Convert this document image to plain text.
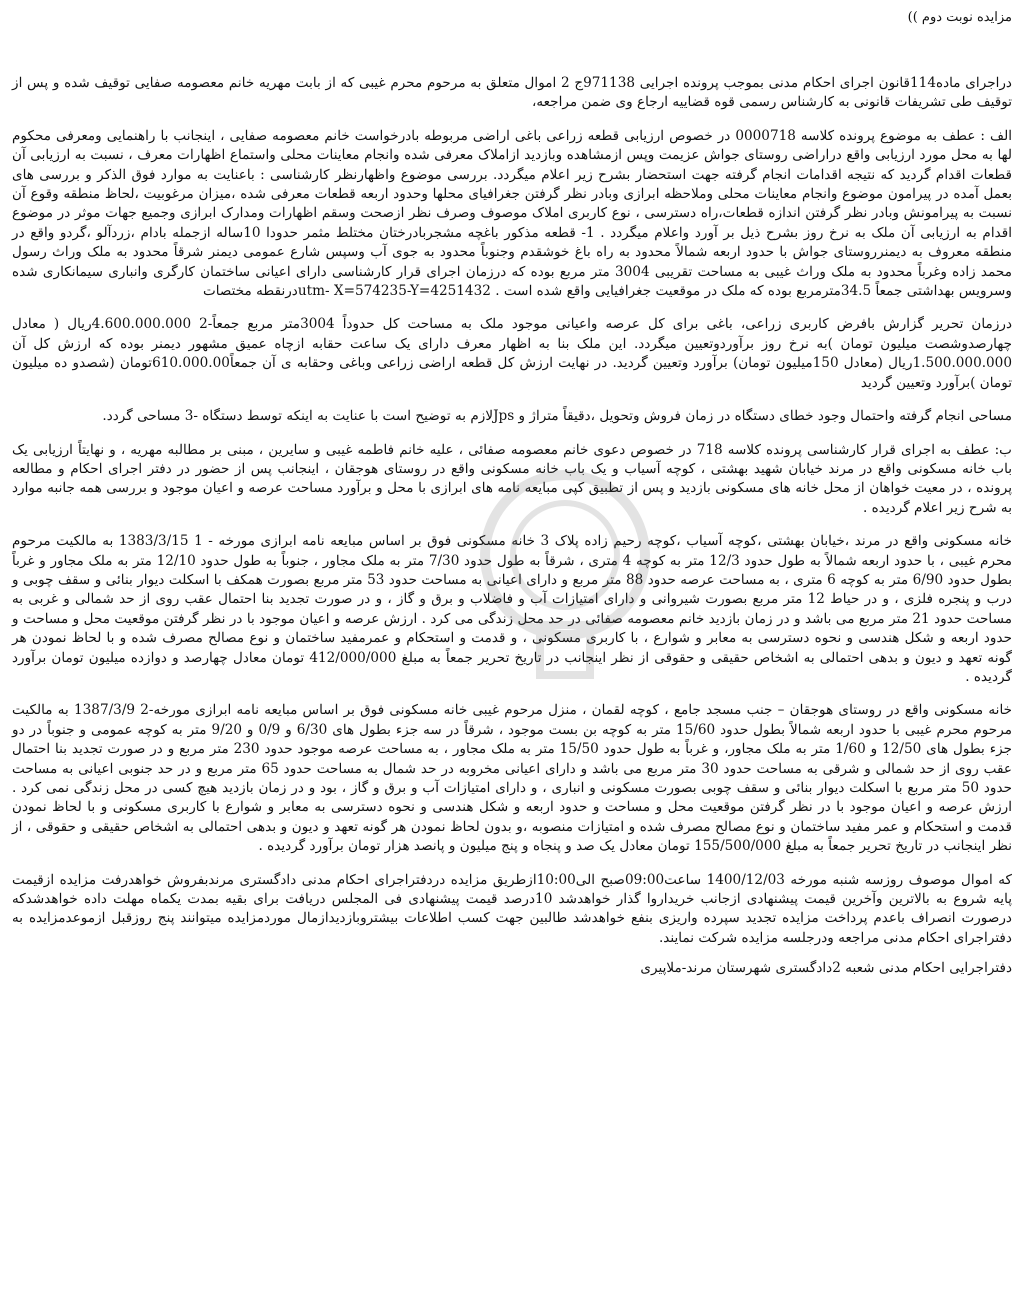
مزایده نوبت دوم ))

دراجرای ماده114قانون اجرای احکام مدنی بموجب پرونده اجرایی 971138ج 2 اموال متعلق به مرحوم محرم غیبی که از بابت مهریه خانم معصومه صفایی توقیف شده و پس از توقیف طی تشریفات قانونی به کارشناس رسمی قوه قضاییه ارجاع وی ضمن مراجعه،

الف : عطف به موضوع پرونده کلاسه 0000718 در خصوص ارزیابی قطعه زراعی باغی اراضی مربوطه بادرخواست خانم معصومه صفایی ، اینجانب با راهنمایی ومعرفی محکوم لها به محل مورد ارزیابی واقع دراراضی روستای جواش عزیمت وپس ازمشاهده وبازدید ازاملاک معرفی شده وانجام معاینات محلی واستماع اظهارات معرف ، نسبت به ارزیابی آن قطعات اقدام گردید که نتیجه اقدامات انجام گرفته جهت استحضار بشرح زیر اعلام میگردد. بررسی موضوع واظهارنظر کارشناسی : باعنایت به موارد فوق الذکر و بررسی های بعمل آمده در پیرامون موضوع وانجام معاینات محلی وملاحظه ابرازی وبادر نظر گرفتن جغرافیای محلها وحدود اربعه قطعات معرفی شده ،میزان مرغوبیت ،لحاظ منطقه وقوع آن نسبت به پیرامونش وبادر نظر گرفتن اندازه قطعات،راه دسترسی ، نوع کاربری املاک موصوف وصرف نظر ازصحت وسقم اظهارات ومدارک ابرازی وجمیع جهات موثر در موضوع اقدام به ارزیابی آن ملک به نرخ روز بشرح ذیل بر آورد واعلام میگردد . 1- قطعه مذکور باغچه مشجربادرختان مختلط مثمر حدودا 10ساله ازجمله بادام ،زردآلو ،گردو واقع در منطقه معروف به دیمنرروستای جواش با حدود اربعه شمالاً محدود به راه باغ خوشقدم وجنوباً محدود به جوی آب وسپس شارع عمومی دیمنر شرقاً محدود به ملک وراث رسول محمد زاده وغرباً محدود به ملک وراث غیبی به مساحت تقریبی 3004 متر مربع بوده که درزمان اجرای قرار کارشناسی دارای اعیانی ساختمان کارگری وانباری سیمانکاری شده وسرویس بهداشتی جمعاً 34.5مترمربع بوده که ملک در موقعیت جغرافیایی واقع شده است . utm- X=574235-Y=4251432درنقطه مختصات

درزمان تحریر گزارش بافرض کاربری زراعی، باغی برای کل عرصه واعیانی موجود ملک به مساحت کل حدوداً 3004متر مربع جمعاً-2 4.600.000.000ریال ( معادل چهارصدوشصت میلیون تومان )به نرخ روز برآوردوتعیین میگردد. این ملک بنا به اظهار معرف دارای یک ساعت حقابه ازچاه عمیق مشهور دیمنر بوده که ارزش کل آن 1.500.000.000ریال (معادل 150میلیون تومان) برآورد وتعیین گردید. در نهایت ارزش کل قطعه اراضی زراعی وباغی وحقابه ی آن جمعاً610.000.00تومان (شصدو ده میلیون تومان )برآورد وتعیین گردید

مساحی انجام گرفته واحتمال وجود خطای دستگاه در زمان فروش وتحویل ،دقیقاً متراژ و Jpsلازم به توضیح است با عنایت به اینکه توسط دستگاه -3 مساحی گردد.

ب: عطف به اجرای قرار کارشناسی پرونده کلاسه 718 در خصوص دعوی خانم معصومه صفائی ، علیه خانم فاطمه غیبی و سایرین ، مبنی بر مطالبه مهریه ، و نهایتاً ارزیابی یک باب خانه مسکونی واقع در مرند خیابان شهید بهشتی ، کوچه آسیاب و یک باب خانه مسکونی واقع در روستای هوجقان ، اینجانب پس از حضور در دفتر اجرای احکام و مطالعه پرونده ، در معیت خواهان از محل خانه های مسکونی بازدید و پس از تطبیق کپی مبایعه نامه های ابرازی با محل و برآورد مساحت عرصه و اعیان موجود و بررسی همه جانبه موارد به شرح زیر اعلام گردیده .

خانه مسکونی واقع در مرند ،خیابان بهشتی ،کوچه آسیاب ،کوچه رحیم زاده پلاک 3 خانه مسکونی فوق بر اساس مبایعه نامه ابرازی مورخه - 1 1383/3/15 به مالکیت مرحوم محرم غیبی ، با حدود اربعه شمالاً به طول حدود 12/3 متر به کوچه 4 متری ، شرقاً به طول حدود 7/30 متر به ملک مجاور ، جنوباً به طول حدود 12/10 متر به ملک مجاور و غرباً بطول حدود 6/90 متر به کوچه 6 متری ، به مساحت عرصه حدود 88 متر مربع و دارای اعیانی به مساحت حدود 53 متر مربع بصورت همکف با اسکلت دیوار بنائی و سقف چوبی و درب و پنجره فلزی ، و در حیاط 12 متر مربع بصورت شیروانی و دارای امتیازات آب و فاضلاب و برق و گاز ، و در صورت تجدید بنا احتمال عقب روی از حد شمالی و غربی به مساحت حدود 21 متر مربع می باشد و در زمان بازدید خانم معصومه صفائی در حد محل زندگی می کرد . ارزش عرصه و اعیان موجود با در نظر گرفتن موقعیت محل و مساحت و حدود اربعه و شکل هندسی و نحوه دسترسی به معابر و شوارع ، با کاربری مسکونی ، و قدمت و استحکام و عمرمفید ساختمان و نوع مصالح مصرف شده و با لحاظ نمودن هر گونه تعهد و دیون و بدهی احتمالی به اشخاص حقیقی و حقوقی از نظر اینجانب در تاریخ تحریر جمعاً به مبلغ 412/000/000 تومان معادل چهارصد و دوازده میلیون تومان برآورد گردیده .

خانه مسکونی واقع در روستای هوجقان – جنب مسجد جامع ، کوچه لقمان ، منزل مرحوم غیبی خانه مسکونی فوق بر اساس مبایعه نامه ابرازی مورخه-2 1387/3/9 به مالکیت مرحوم محرم غیبی با حدود اربعه شمالاً بطول حدود 15/60 متر به کوچه بن بست موجود ، شرقاً در سه جزء بطول های 6/30 و 0/9 و 9/20 متر به کوچه عمومی و جنوباً در دو جزء بطول های 12/50 و 1/60 متر به ملک مجاور، و غرباً به طول حدود 15/50 متر به ملک مجاور ، به مساحت عرصه موجود حدود 230 متر مربع و در صورت تجدید بنا احتمال عقب روی از حد شمالی و شرقی به مساحت حدود 30 متر مربع می باشد و دارای اعیانی مخروبه در حد شمال به مساحت حدود 65 متر مربع و در حد جنوبی اعیانی به مساحت حدود 50 متر مربع با اسکلت دیوار بنائی و سقف چوبی بصورت مسکونی و انباری ، و دارای امتیازات آب و برق و گاز ، بود و در زمان بازدید هیچ کسی در محل زندگی نمی کرد . ارزش عرصه و اعیان موجود با در نظر گرفتن موقعیت محل و مساحت و حدود اربعه و شکل هندسی و نحوه دسترسی به معابر و شوارع با کاربری مسکونی و با لحاظ نمودن قدمت و استحکام و عمر مفید ساختمان و نوع مصالح مصرف شده و امتیازات منصوبه ،و بدون لحاظ نمودن هر گونه تعهد و دیون و بدهی احتمالی به اشخاص حقیقی و حقوقی ، از نظر اینجانب در تاریخ تحریر جمعاً به مبلغ 155/500/000 تومان معادل یک صد و پنجاه و پنج میلیون و پانصد هزار تومان برآورد گردیده .

که اموال موصوف روزسه شنبه مورخه 1400/12/03 ساعت09:00صبح الی10:00ازطریق مزایده دردفتراجرای احکام مدنی دادگستری مرندبفروش خواهدرفت مزایده ازقیمت پایه شروع به بالاترین وآخرین قیمت پیشنهادی ازجانب خریداروا گذار خواهدشد 10درصد قیمت پیشنهادی فی المجلس دریافت برای بقیه بمدت یکماه مهلت داده خواهدشدکه درصورت انصراف باعدم پرداخت مزایده تجدید سپرده واریزی بنفع خواهدشد طالبین جهت کسب اطلاعات بیشتروبازدیدازمال موردمزایده میتوانند پنج روزقبل ازموعدمزایده به دفتراجرای احکام مدنی مراجعه ودرجلسه مزایده شرکت نمایند.

دفتراجرایی احکام مدنی شعبه 2دادگستری شهرستان مرند-ملاپیری
